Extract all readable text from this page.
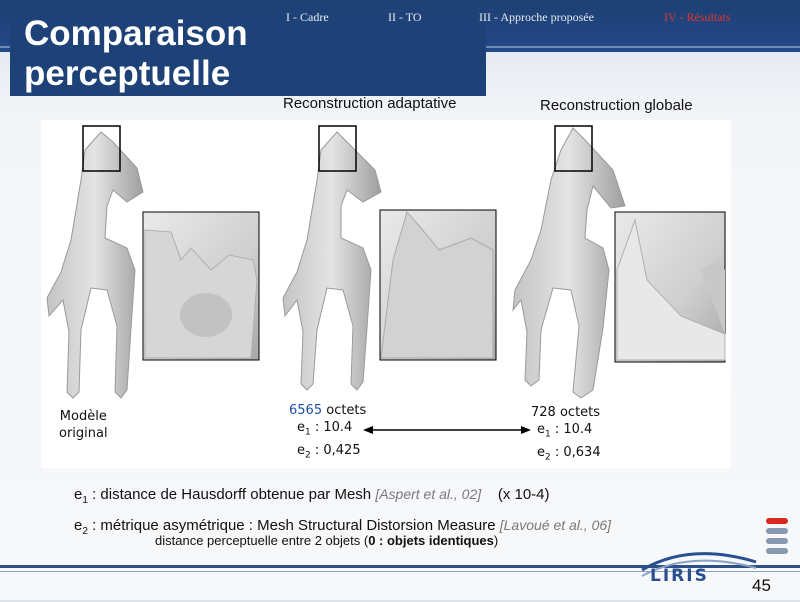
Comparaison
perceptuelle
I - Cadre	II - TO	III - Approche proposée	IV - Résultats
Reconstruction adaptative	Reconstruction globale
Modèle
original
6565 octets
$e_1$ : 10.4
$e_2$ : 0,425
728 octets
$e_1$ : 10.4
$e_2$ : 0,634
$e_1$ : distance de Hausdorff obtenue par Mesh [Aspert et al., 02] (x 10-4)
$e_2$ : métrique asymétrique : Mesh Structural Distorsion Measure [Lavoué et al., 06]
distance perceptuelle entre 2 objets (0 : objets identiques)
LIRIS	45
